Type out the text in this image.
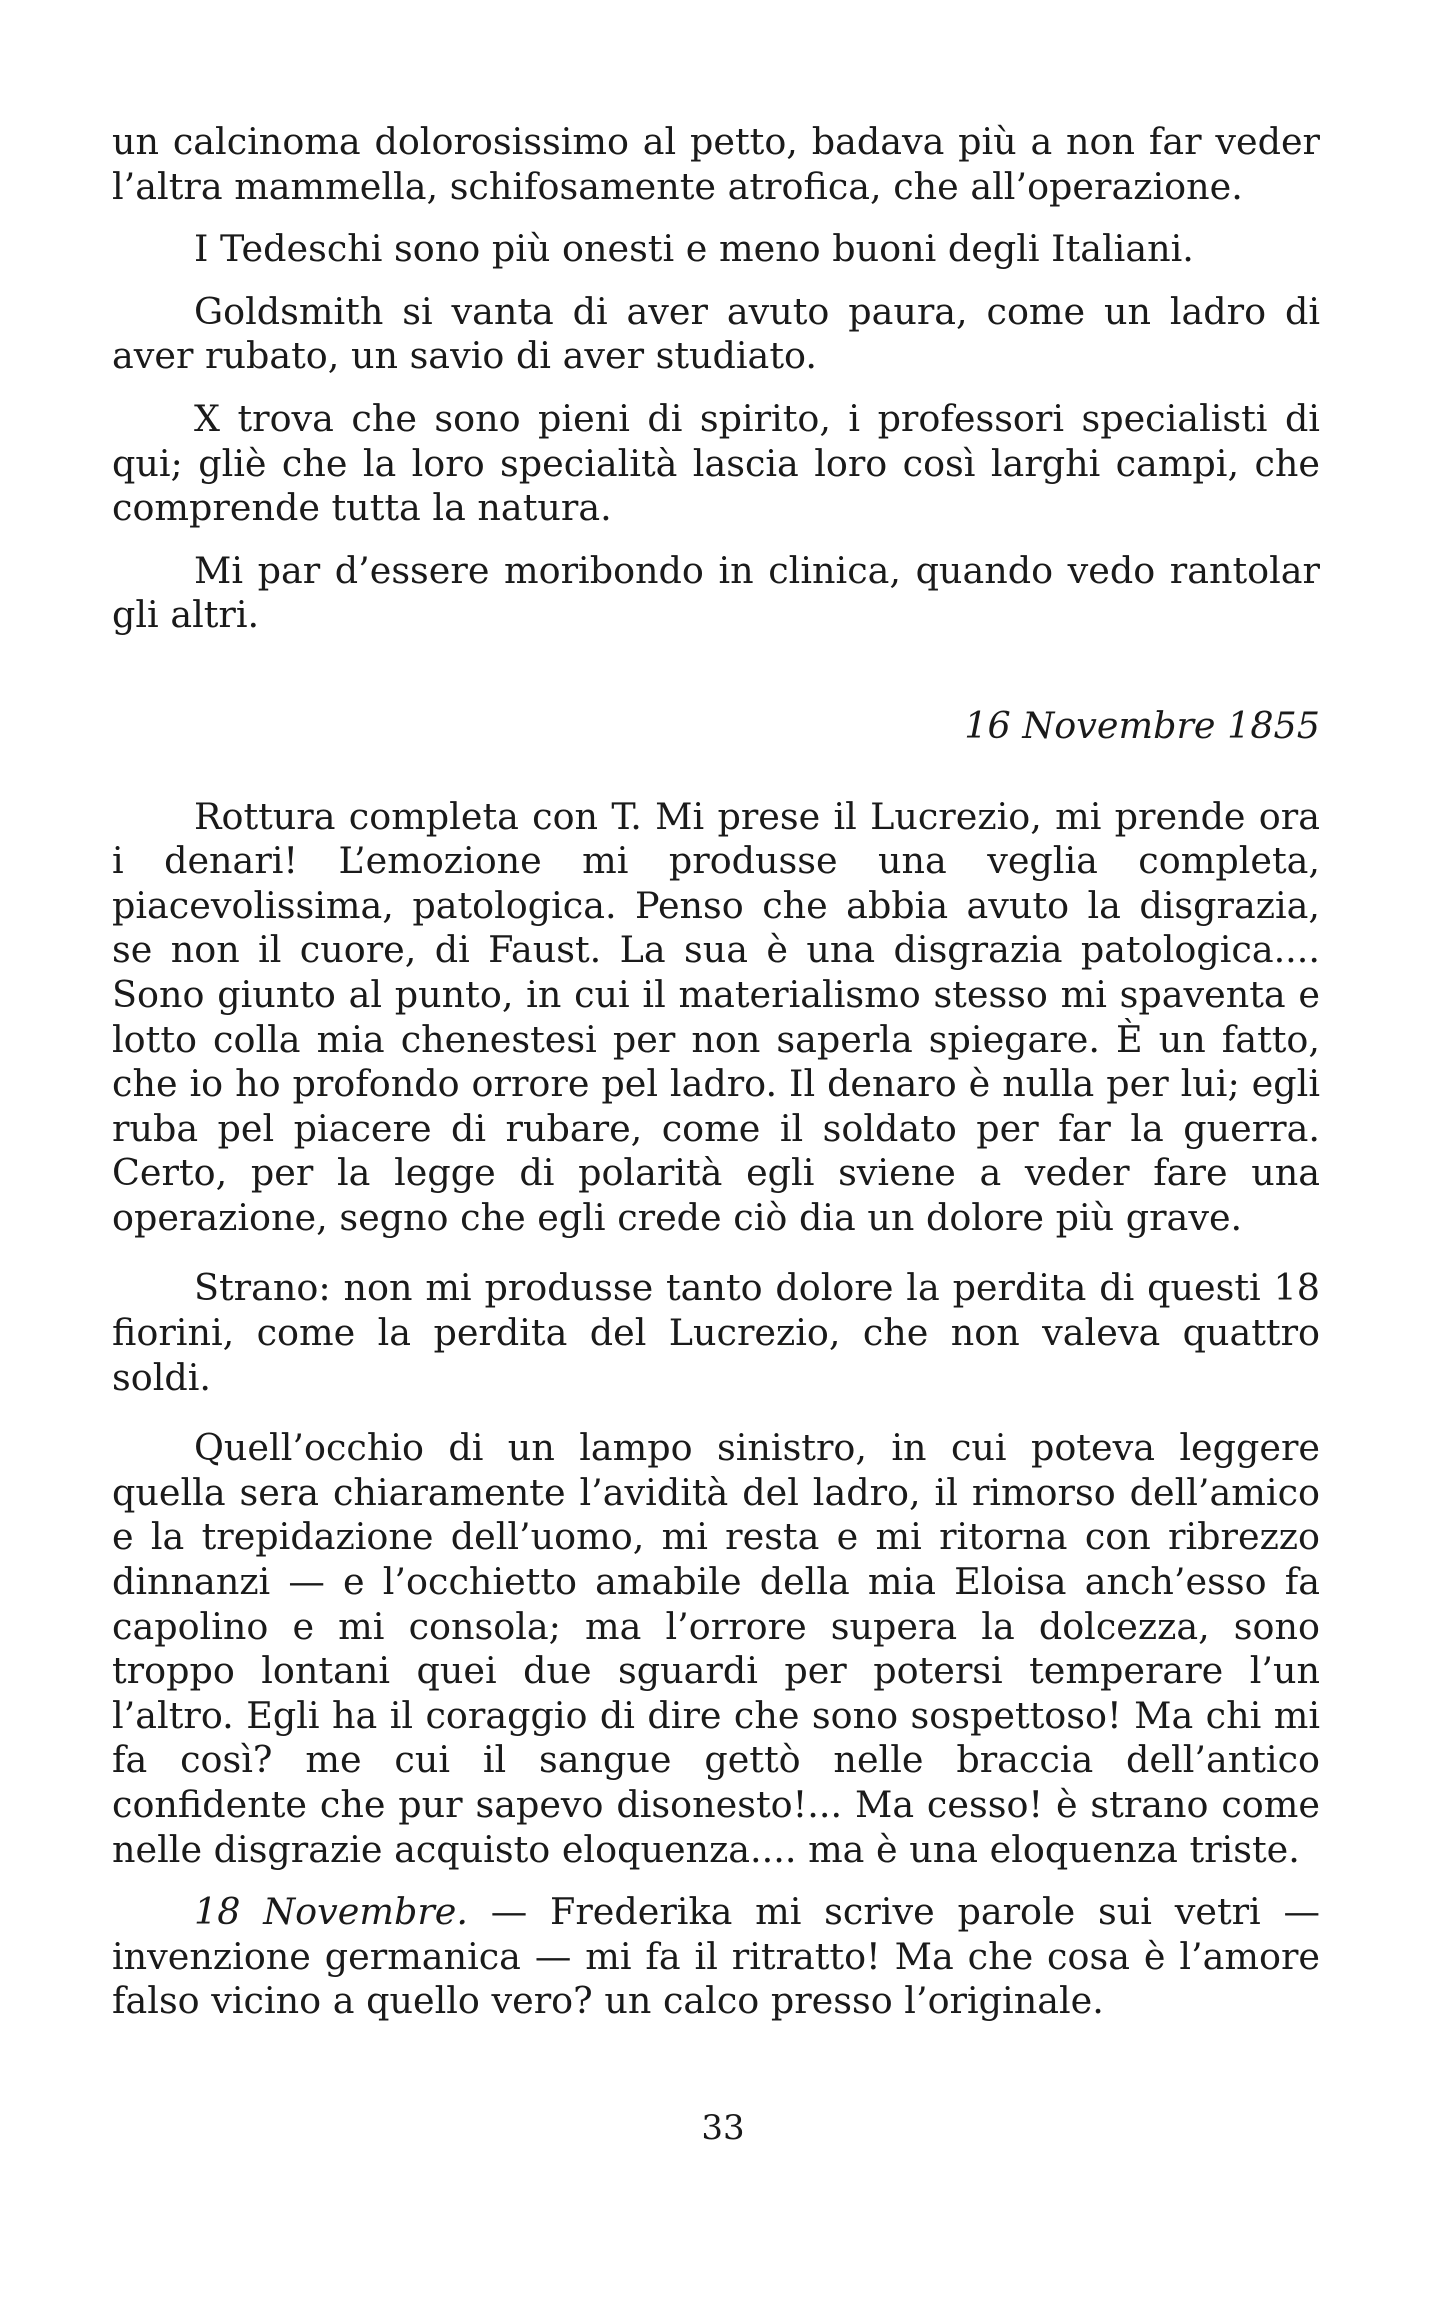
un calcinoma dolorosissimo al petto, badava più a non far veder l’altra mammella, schifosamente atrofica, che all’operazione.

I Tedeschi sono più onesti e meno buoni degli Italiani.

Goldsmith si vanta di aver avuto paura, come un ladro di aver rubato, un savio di aver studiato.

X trova che sono pieni di spirito, i professori specialisti di qui; gliè che la loro specialità lascia loro così larghi campi, che comprende tutta la natura.

Mi par d’essere moribondo in clinica, quando vedo rantolar gli altri.

16 Novembre 1855

Rottura completa con T. Mi prese il Lucrezio, mi prende ora i denari! L’emozione mi produsse una veglia completa, piacevolissima, patologica. Penso che abbia avuto la disgrazia, se non il cuore, di Faust. La sua è una disgrazia patologica.... Sono giunto al punto, in cui il materialismo stesso mi spaventa e lotto colla mia chenestesi per non saperla spiegare. È un fatto, che io ho profondo orrore pel ladro. Il denaro è nulla per lui; egli ruba pel piacere di rubare, come il soldato per far la guerra. Certo, per la legge di polarità egli sviene a veder fare una operazione, segno che egli crede ciò dia un dolore più grave.

Strano: non mi produsse tanto dolore la perdita di questi 18 fiorini, come la perdita del Lucrezio, che non valeva quattro soldi.

Quell’occhio di un lampo sinistro, in cui poteva leggere quella sera chiaramente l’avidità del ladro, il rimorso dell’amico e la trepidazione dell’uomo, mi resta e mi ritorna con ribrezzo dinnanzi — e l’occhietto amabile della mia Eloisa anch’esso fa capolino e mi consola; ma l’orrore supera la dolcezza, sono troppo lontani quei due sguardi per potersi temperare l’un l’altro. Egli ha il coraggio di dire che sono sospettoso! Ma chi mi fa così? me cui il sangue gettò nelle braccia dell’antico confidente che pur sapevo disonesto!... Ma cesso! è strano come nelle disgrazie acquisto eloquenza.... ma è una eloquenza triste.

18 Novembre. — Frederika mi scrive parole sui vetri — invenzione germanica — mi fa il ritratto! Ma che cosa è l’amore falso vicino a quello vero? un calco presso l’originale.

33
